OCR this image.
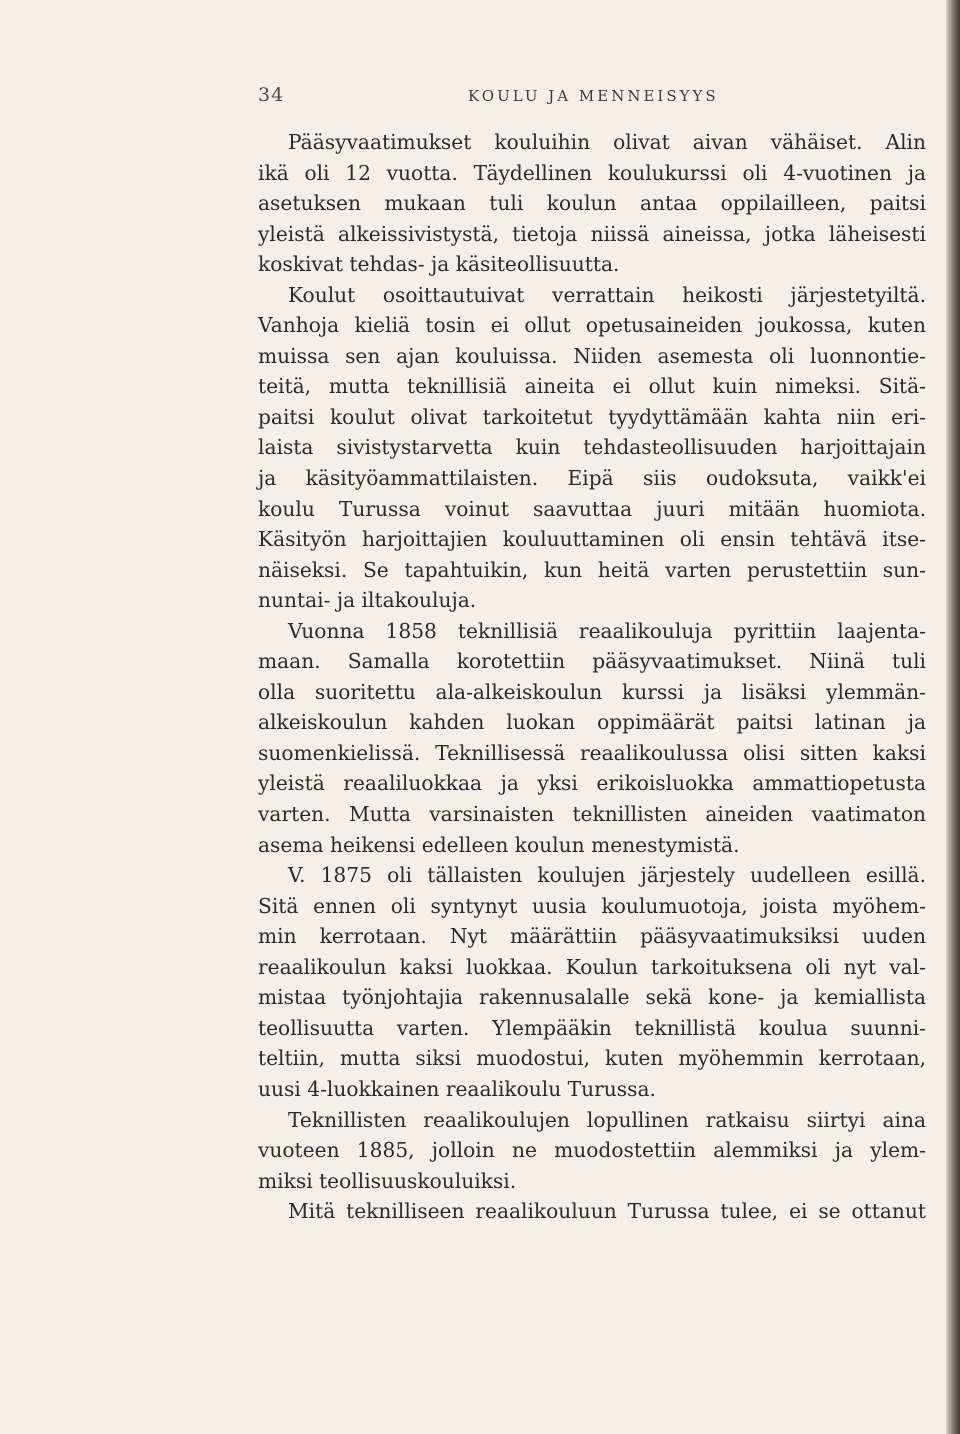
34	KOULU JA MENNEISYYS
Pääsyvaatimukset kouluihin olivat aivan vähäiset. Alin
ikä oli 12 vuotta. Täydellinen koulukurssi oli 4-vuotinen ja
asetuksen mukaan tuli koulun antaa oppilailleen, paitsi
yleistä alkeissivistystä, tietoja niissä aineissa, jotka läheisesti
koskivat tehdas- ja käsiteollisuutta.
Koulut osoittautuivat verrattain heikosti järjestetyiltä.
Vanhoja kieliä tosin ei ollut opetusaineiden joukossa, kuten
muissa sen ajan kouluissa. Niiden asemesta oli luonnontie-
teitä, mutta teknillisiä aineita ei ollut kuin nimeksi. Sitä-
paitsi koulut olivat tarkoitetut tyydyttämään kahta niin eri-
laista sivistystarvetta kuin tehdasteollisuuden harjoittajain
ja käsityöammattilaisten. Eipä siis oudoksuta, vaikk'ei
koulu Turussa voinut saavuttaa juuri mitään huomiota.
Käsityön harjoittajien kouluuttaminen oli ensin tehtävä itse-
näiseksi. Se tapahtuikin, kun heitä varten perustettiin sun-
nuntai- ja iltakouluja.
Vuonna 1858 teknillisiä reaalikouluja pyrittiin laajenta-
maan. Samalla korotettiin pääsyvaatimukset. Niinä tuli
olla suoritettu ala-alkeiskoulun kurssi ja lisäksi ylemmän-
alkeiskoulun kahden luokan oppimäärät paitsi latinan ja
suomenkielissä. Teknillisessä reaalikoulussa olisi sitten kaksi
yleistä reaaliluokkaa ja yksi erikoisluokka ammattiopetusta
varten. Mutta varsinaisten teknillisten aineiden vaatimaton
asema heikensi edelleen koulun menestymistä.
V. 1875 oli tällaisten koulujen järjestely uudelleen esillä.
Sitä ennen oli syntynyt uusia koulumuotoja, joista myöhem-
min kerrotaan. Nyt määrättiin pääsyvaatimuksiksi uuden
reaalikoulun kaksi luokkaa. Koulun tarkoituksena oli nyt val-
mistaa työnjohtajia rakennusalalle sekä kone- ja kemiallista
teollisuutta varten. Ylempääkin teknillistä koulua suunni-
teltiin, mutta siksi muodostui, kuten myöhemmin kerrotaan,
uusi 4-luokkainen reaalikoulu Turussa.
Teknillisten reaalikoulujen lopullinen ratkaisu siirtyi aina
vuoteen 1885, jolloin ne muodostettiin alemmiksi ja ylem-
miksi teollisuuskouluiksi.
Mitä teknilliseen reaalikouluun Turussa tulee, ei se ottanut
